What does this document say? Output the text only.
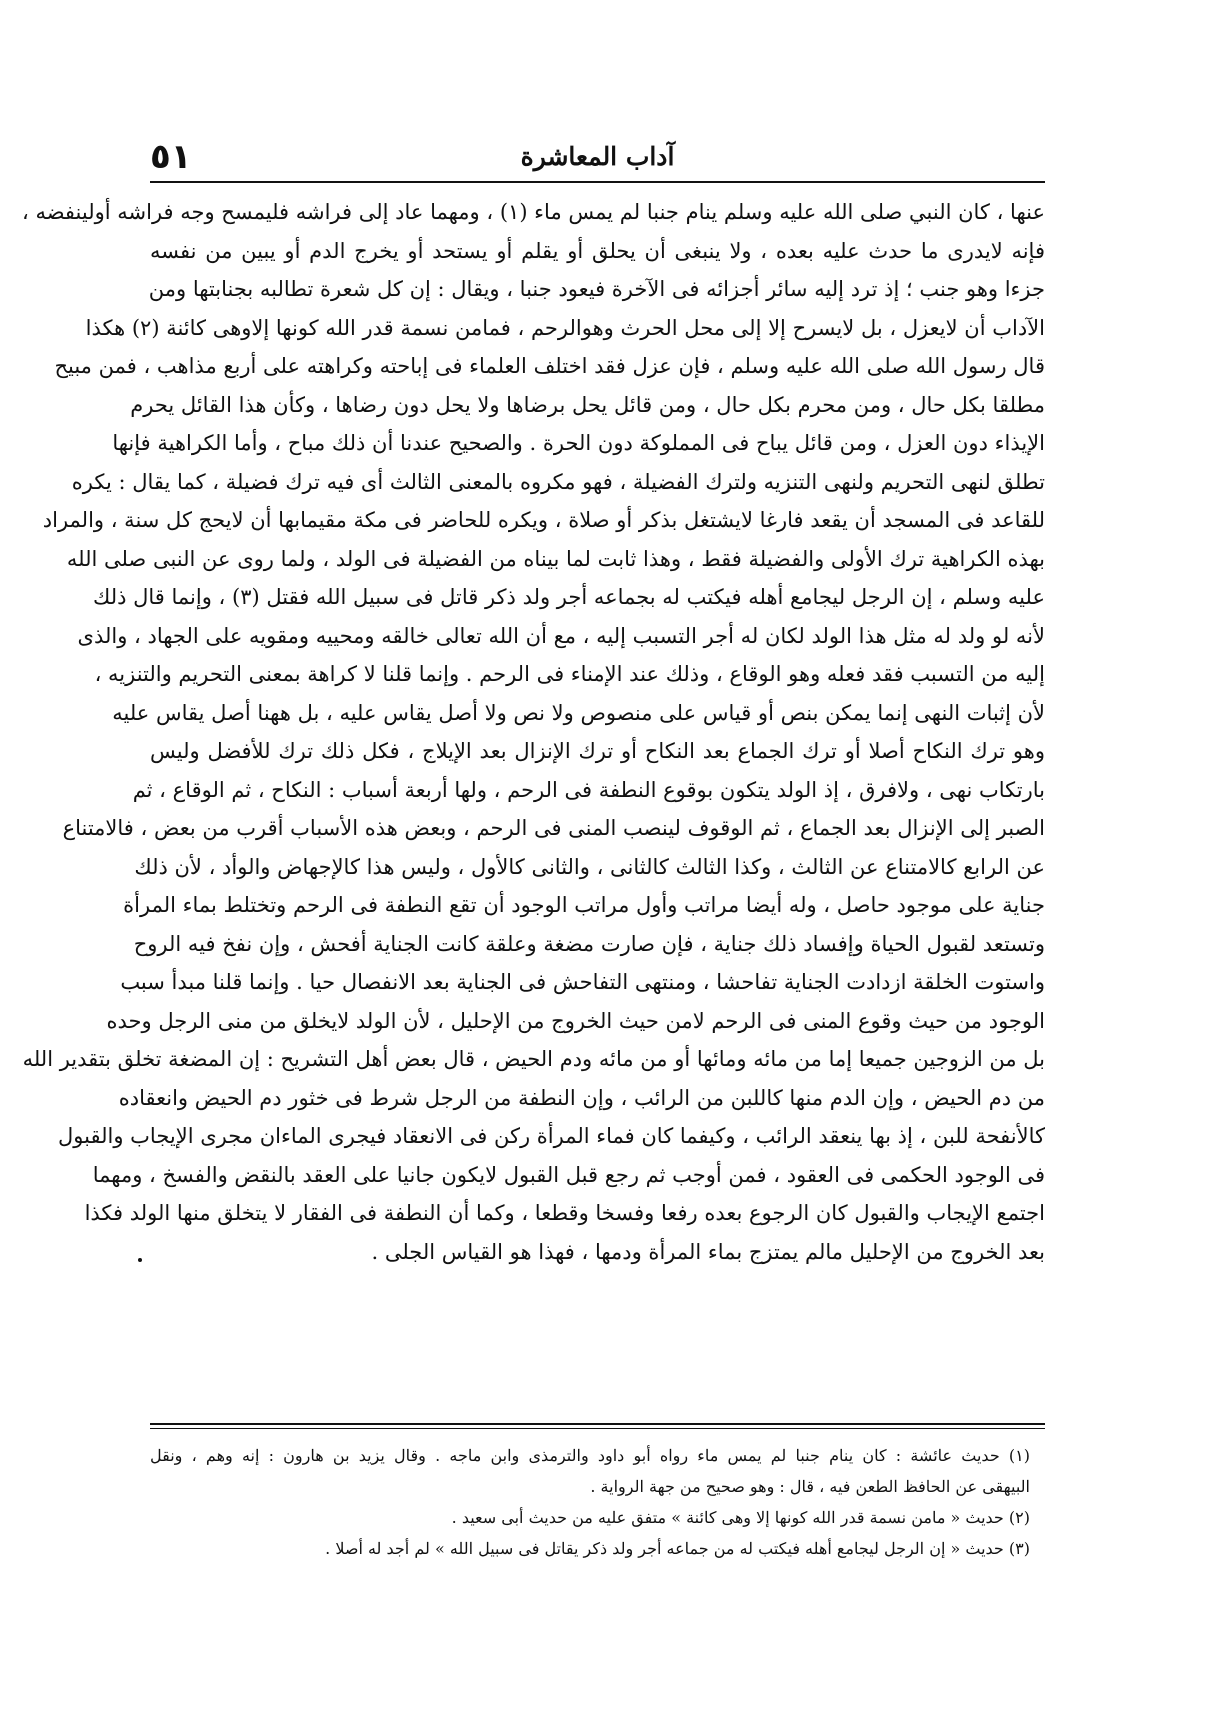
٥١	آداب المعاشرة
عنها ، كان النبي صلى الله عليه وسلم ينام جنبا لم يمس ماء (١) ، ومهما عاد إلى فراشه فليمسح وجه فراشه أولينفضه ،
فإنه لايدرى ما حدث عليه بعده ، ولا ينبغى أن يحلق أو يقلم أو يستحد أو يخرج الدم أو يبين من نفسه
جزءا وهو جنب ؛ إذ ترد إليه سائر أجزائه فى الآخرة فيعود جنبا ، ويقال : إن كل شعرة تطالبه بجنابتها ومن
الآداب أن لايعزل ، بل لايسرح إلا إلى محل الحرث وهوالرحم ، فمامن نسمة قدر الله كونها إلاوهى كائنة (٢) هكذا
قال رسول الله صلى الله عليه وسلم ، فإن عزل فقد اختلف العلماء فى إباحته وكراهته على أربع مذاهب ، فمن مبيح
مطلقا بكل حال ، ومن محرم بكل حال ، ومن قائل يحل برضاها ولا يحل دون رضاها ، وكأن هذا القائل يحرم
الإيذاء دون العزل ، ومن قائل يباح فى المملوكة دون الحرة . والصحيح عندنا أن ذلك مباح ، وأما الكراهية فإنها
تطلق لنهى التحريم ولنهى التنزيه ولترك الفضيلة ، فهو مكروه بالمعنى الثالث أى فيه ترك فضيلة ، كما يقال : يكره
للقاعد فى المسجد أن يقعد فارغا لايشتغل بذكر أو صلاة ، ويكره للحاضر فى مكة مقيمابها أن لايحج كل سنة ، والمراد
بهذه الكراهية ترك الأولى والفضيلة فقط ، وهذا ثابت لما بيناه من الفضيلة فى الولد ، ولما روى عن النبى صلى الله
عليه وسلم ، إن الرجل ليجامع أهله فيكتب له بجماعه أجر ولد ذكر قاتل فى سبيل الله فقتل (٣) ، وإنما قال ذلك
لأنه لو ولد له مثل هذا الولد لكان له أجر التسبب إليه ، مع أن الله تعالى خالقه ومحييه ومقويه على الجهاد ، والذى
إليه من التسبب فقد فعله وهو الوقاع ، وذلك عند الإمناء فى الرحم . وإنما قلنا لا كراهة بمعنى التحريم والتنزيه ،
لأن إثبات النهى إنما يمكن بنص أو قياس على منصوص ولا نص ولا أصل يقاس عليه ، بل ههنا أصل يقاس عليه
وهو ترك النكاح أصلا أو ترك الجماع بعد النكاح أو ترك الإنزال بعد الإيلاج ، فكل ذلك ترك للأفضل وليس
بارتكاب نهى ، ولافرق ، إذ الولد يتكون بوقوع النطفة فى الرحم ، ولها أربعة أسباب : النكاح ، ثم الوقاع ، ثم
الصبر إلى الإنزال بعد الجماع ، ثم الوقوف لينصب المنى فى الرحم ، وبعض هذه الأسباب أقرب من بعض ، فالامتناع
عن الرابع كالامتناع عن الثالث ، وكذا الثالث كالثانى ، والثانى كالأول ، وليس هذا كالإجهاض والوأد ، لأن ذلك
جناية على موجود حاصل ، وله أيضا مراتب وأول مراتب الوجود أن تقع النطفة فى الرحم وتختلط بماء المرأة
وتستعد لقبول الحياة وإفساد ذلك جناية ، فإن صارت مضغة وعلقة كانت الجناية أفحش ، وإن نفخ فيه الروح
واستوت الخلقة ازدادت الجناية تفاحشا ، ومنتهى التفاحش فى الجناية بعد الانفصال حيا . وإنما قلنا مبدأ سبب
الوجود من حيث وقوع المنى فى الرحم لامن حيث الخروج من الإحليل ، لأن الولد لايخلق من منى الرجل وحده
بل من الزوجين جميعا إما من مائه ومائها أو من مائه ودم الحيض ، قال بعض أهل التشريح : إن المضغة تخلق بتقدير الله
من دم الحيض ، وإن الدم منها كاللبن من الرائب ، وإن النطفة من الرجل شرط فى خثور دم الحيض وانعقاده
كالأنفحة للبن ، إذ بها ينعقد الرائب ، وكيفما كان فماء المرأة ركن فى الانعقاد فيجرى الماءان مجرى الإيجاب والقبول
فى الوجود الحكمى فى العقود ، فمن أوجب ثم رجع قبل القبول لايكون جانيا على العقد بالنقض والفسخ ، ومهما
اجتمع الإيجاب والقبول كان الرجوع بعده رفعا وفسخا وقطعا ، وكما أن النطفة فى الفقار لا يتخلق منها الولد فكذا
بعد الخروج من الإحليل مالم يمتزج بماء المرأة ودمها ، فهذا هو القياس الجلى .
(١) حديث عائشة : كان ينام جنبا لم يمس ماء رواه أبو داود والترمذى وابن ماجه . وقال يزيد بن هارون : إنه وهم ، ونقل
البيهقى عن الحافظ الطعن فيه ، قال : وهو صحيح من جهة الرواية .
(٢) حديث « مامن نسمة قدر الله كونها إلا وهى كائنة » متفق عليه من حديث أبى سعيد .
(٣) حديث « إن الرجل ليجامع أهله فيكتب له من جماعه أجر ولد ذكر يقاتل فى سبيل الله » لم أجد له أصلا .
